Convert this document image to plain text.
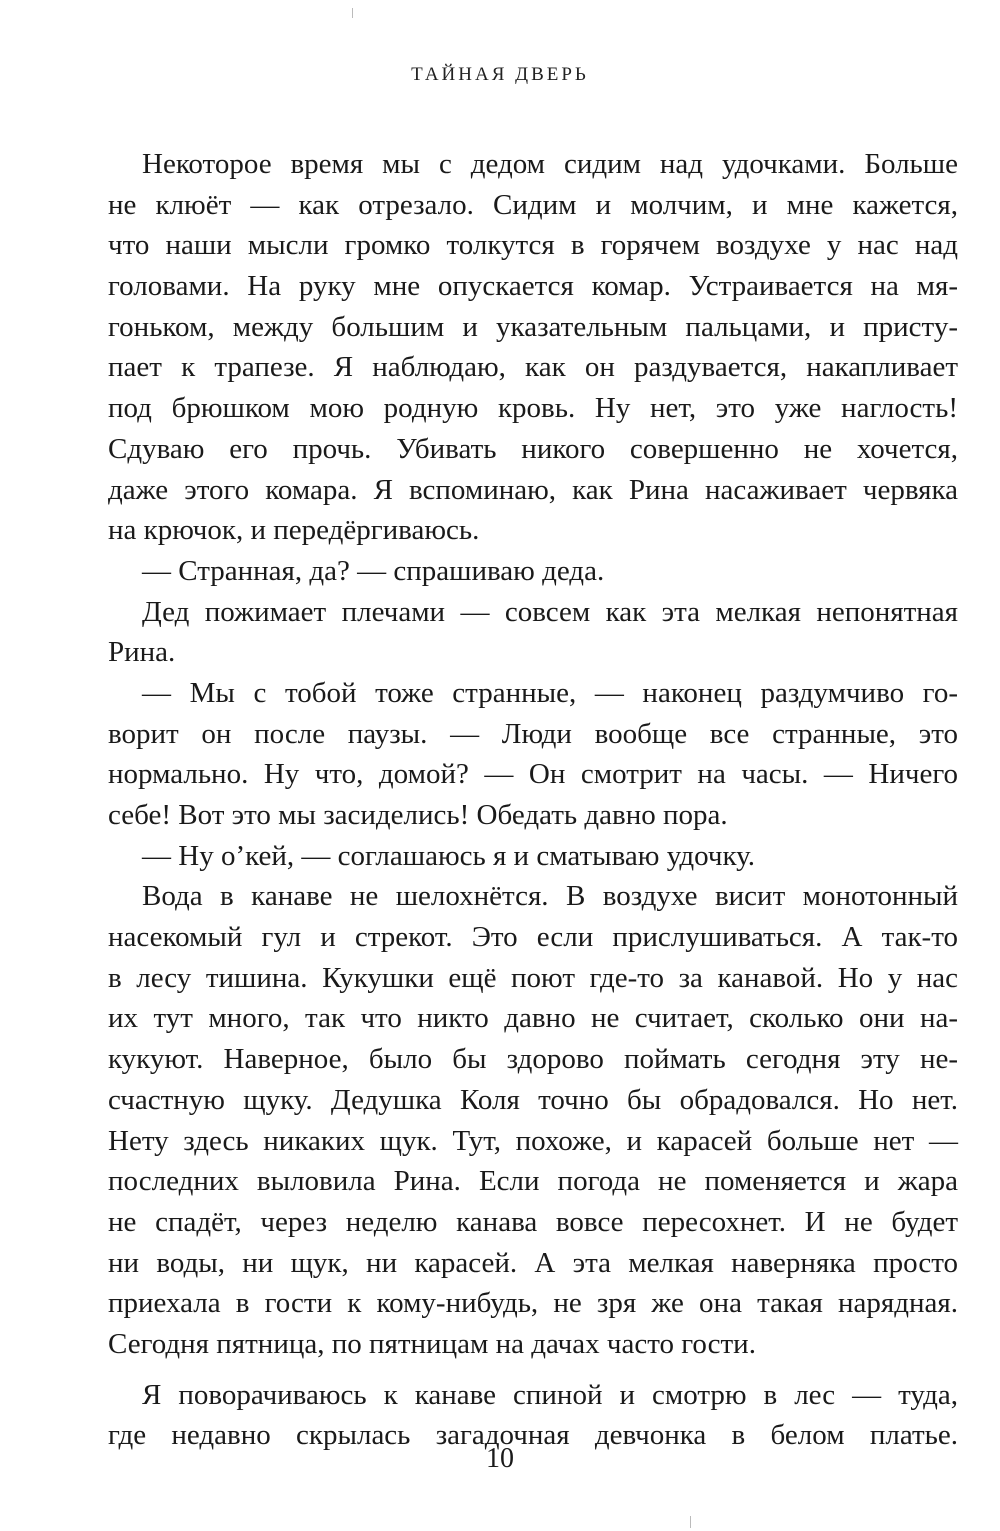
ТАЙНАЯ ДВЕРЬ
Некоторое время мы с дедом сидим над удочками. Больше
не клюёт — как отрезало. Сидим и молчим, и мне кажется,
что наши мысли громко толкутся в горячем воздухе у нас над
головами. На руку мне опускается комар. Устраивается на мя-
гоньком, между большим и указательным пальцами, и присту-
пает к трапезе. Я наблюдаю, как он раздувается, накапливает
под брюшком мою родную кровь. Ну нет, это уже наглость!
Сдуваю его прочь. Убивать никого совершенно не хочется,
даже этого комара. Я вспоминаю, как Рина насаживает червяка
на крючок, и передёргиваюсь.
— Странная, да? — спрашиваю деда.
Дед пожимает плечами — совсем как эта мелкая непонятная
Рина.
— Мы с тобой тоже странные, — наконец раздумчиво го-
ворит он после паузы. — Люди вообще все странные, это
нормально. Ну что, домой? — Он смотрит на часы. — Ничего
себе! Вот это мы засиделись! Обедать давно пора.
— Ну о’кей, — соглашаюсь я и сматываю удочку.
Вода в канаве не шелохнётся. В воздухе висит монотонный
насекомый гул и стрекот. Это если прислушиваться. А так-то
в лесу тишина. Кукушки ещё поют где-то за канавой. Но у нас
их тут много, так что никто давно не считает, сколько они на-
кукуют. Наверное, было бы здорово поймать сегодня эту не-
счастную щуку. Дедушка Коля точно бы обрадовался. Но нет.
Нету здесь никаких щук. Тут, похоже, и карасей больше нет —
последних выловила Рина. Если погода не поменяется и жара
не спадёт, через неделю канава вовсе пересохнет. И не будет
ни воды, ни щук, ни карасей. А эта мелкая наверняка просто
приехала в гости к кому-нибудь, не зря же она такая нарядная.
Сегодня пятница, по пятницам на дачах часто гости.
Я поворачиваюсь к канаве спиной и смотрю в лес — туда,
где недавно скрылась загадочная девчонка в белом платье.
10
